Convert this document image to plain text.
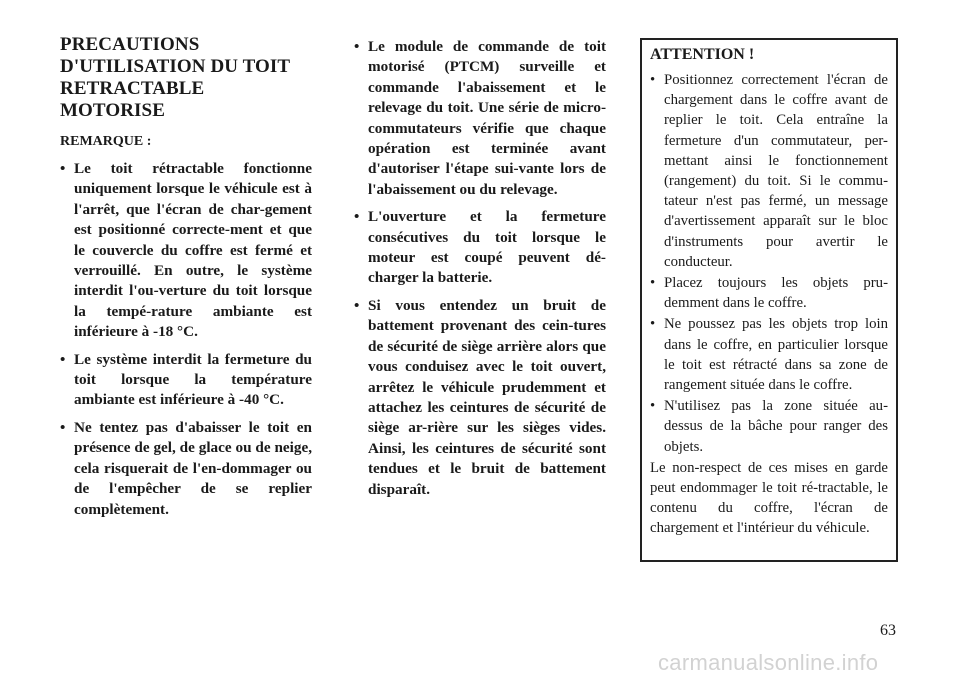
PRECAUTIONS
D'UTILISATION DU TOIT
RETRACTABLE MOTORISE
REMARQUE :
• Le toit rétractable fonctionne uniquement lorsque le véhicule est à l'arrêt, que l'écran de char-gement est positionné correcte-ment et que le couvercle du coffre est fermé et verrouillé. En outre, le système interdit l'ou-verture du toit lorsque la tempé-rature ambiante est inférieure à -18 °C.
• Le système interdit la fermeture du toit lorsque la température ambiante est inférieure à -40 °C.
• Ne tentez pas d'abaisser le toit en présence de gel, de glace ou de neige, cela risquerait de l'en-dommager ou de l'empêcher de se replier complètement.
• Le module de commande de toit motorisé (PTCM) surveille et commande l'abaissement et le relevage du toit. Une série de micro-commutateurs vérifie que chaque opération est terminée avant d'autoriser l'étape sui-vante lors de l'abaissement ou du relevage.
• L'ouverture et la fermeture consécutives du toit lorsque le moteur est coupé peuvent dé-charger la batterie.
• Si vous entendez un bruit de battement provenant des cein-tures de sécurité de siège arrière alors que vous conduisez avec le toit ouvert, arrêtez le véhicule prudemment et attachez les ceintures de sécurité de siège ar-rière sur les sièges vides. Ainsi, les ceintures de sécurité sont tendues et le bruit de battement disparaît.
ATTENTION !
• Positionnez correctement l'écran de chargement dans le coffre avant de replier le toit. Cela entraîne la fermeture d'un commutateur, per-mettant ainsi le fonctionnement (rangement) du toit. Si le commu-tateur n'est pas fermé, un message d'avertissement apparaît sur le bloc d'instruments pour avertir le conducteur.
• Placez toujours les objets pru-demment dans le coffre.
• Ne poussez pas les objets trop loin dans le coffre, en particulier lorsque le toit est rétracté dans sa zone de rangement située dans le coffre.
• N'utilisez pas la zone située au-dessus de la bâche pour ranger des objets.

Le non-respect de ces mises en garde peut endommager le toit ré-tractable, le contenu du coffre, l'écran de chargement et l'intérieur du véhicule.

63
carmanualsonline.info
